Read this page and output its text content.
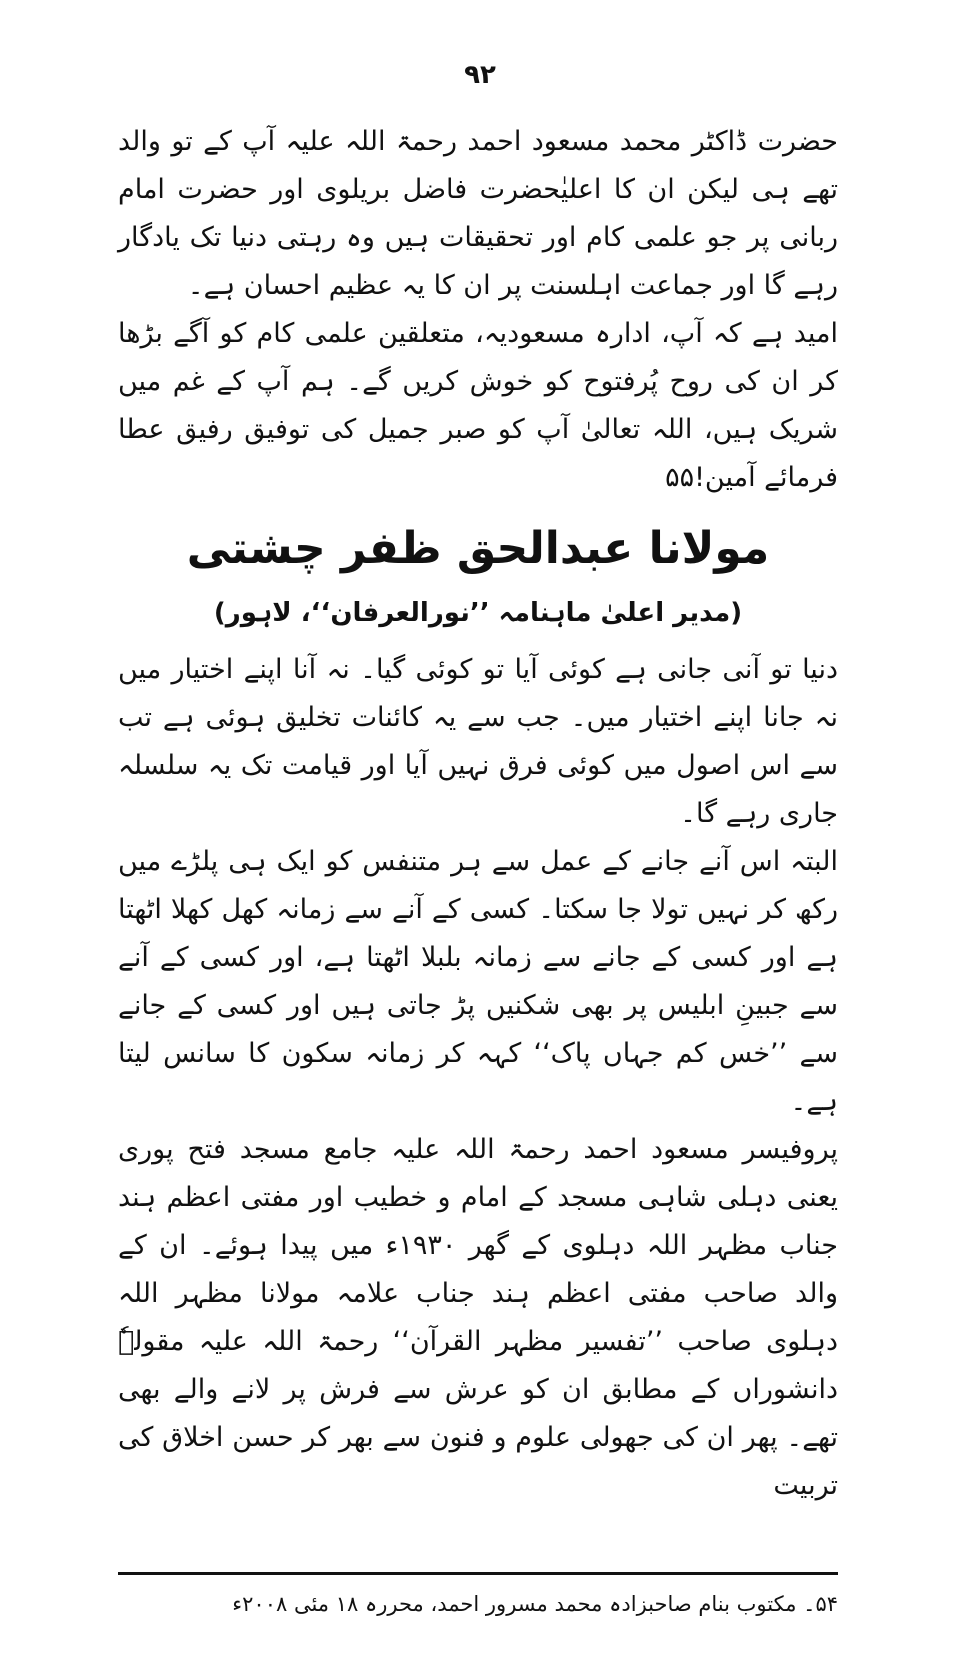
۹۲

حضرت ڈاکٹر محمد مسعود احمد رحمۃ اللہ علیہ آپ کے تو والد تھے ہی لیکن ان کا اعلیٰحضرت فاضل بریلوی اور حضرت امام ربانی پر جو علمی کام اور تحقیقات ہیں وہ رہتی دنیا تک یادگار رہے گا اور جماعت اہلسنت پر ان کا یہ عظیم احسان ہے۔

امید ہے کہ آپ، ادارہ مسعودیہ، متعلقین علمی کام کو آگے بڑھا کر ان کی روح پُرفتوح کو خوش کریں گے۔ ہم آپ کے غم میں شریک ہیں، اللہ تعالیٰ آپ کو صبر جمیل کی توفیق رفیق عطا فرمائے آمین!۵۵

مولانا عبدالحق ظفر چشتی
(مدیر اعلیٰ ماہنامہ ’’نورالعرفان‘‘، لاہور)

دنیا تو آنی جانی ہے کوئی آیا تو کوئی گیا۔ نہ آنا اپنے اختیار میں نہ جانا اپنے اختیار میں۔ جب سے یہ کائنات تخلیق ہوئی ہے تب سے اس اصول میں کوئی فرق نہیں آیا اور قیامت تک یہ سلسلہ جاری رہے گا۔

البتہ اس آنے جانے کے عمل سے ہر متنفس کو ایک ہی پلڑے میں رکھ کر نہیں تولا جا سکتا۔ کسی کے آنے سے زمانہ کھل کھلا اٹھتا ہے اور کسی کے جانے سے زمانہ بلبلا اٹھتا ہے، اور کسی کے آنے سے جبینِ ابلیس پر بھی شکنیں پڑ جاتی ہیں اور کسی کے جانے سے ’’خس کم جہاں پاک‘‘ کہہ کر زمانہ سکون کا سانس لیتا ہے۔

پروفیسر مسعود احمد رحمۃ اللہ علیہ جامع مسجد فتح پوری یعنی دہلی شاہی مسجد کے امام و خطیب اور مفتی اعظم ہند جناب مظہر اللہ دہلوی کے گھر ۱۹۳۰ء میں پیدا ہوئے۔ ان کے والد صاحب مفتی اعظم ہند جناب علامہ مولانا مظہر اللہ دہلوی صاحب ’’تفسیر مظہر القرآن‘‘ رحمۃ اللہ علیہ مقولہٗ دانشوراں کے مطابق ان کو عرش سے فرش پر لانے والے بھی تھے۔ پھر ان کی جھولی علوم و فنون سے بھر کر حسن اخلاق کی تربیت

۵۴۔ مکتوب بنام صاحبزادہ محمد مسرور احمد، محررہ ۱۸ مئی ۲۰۰۸ء
